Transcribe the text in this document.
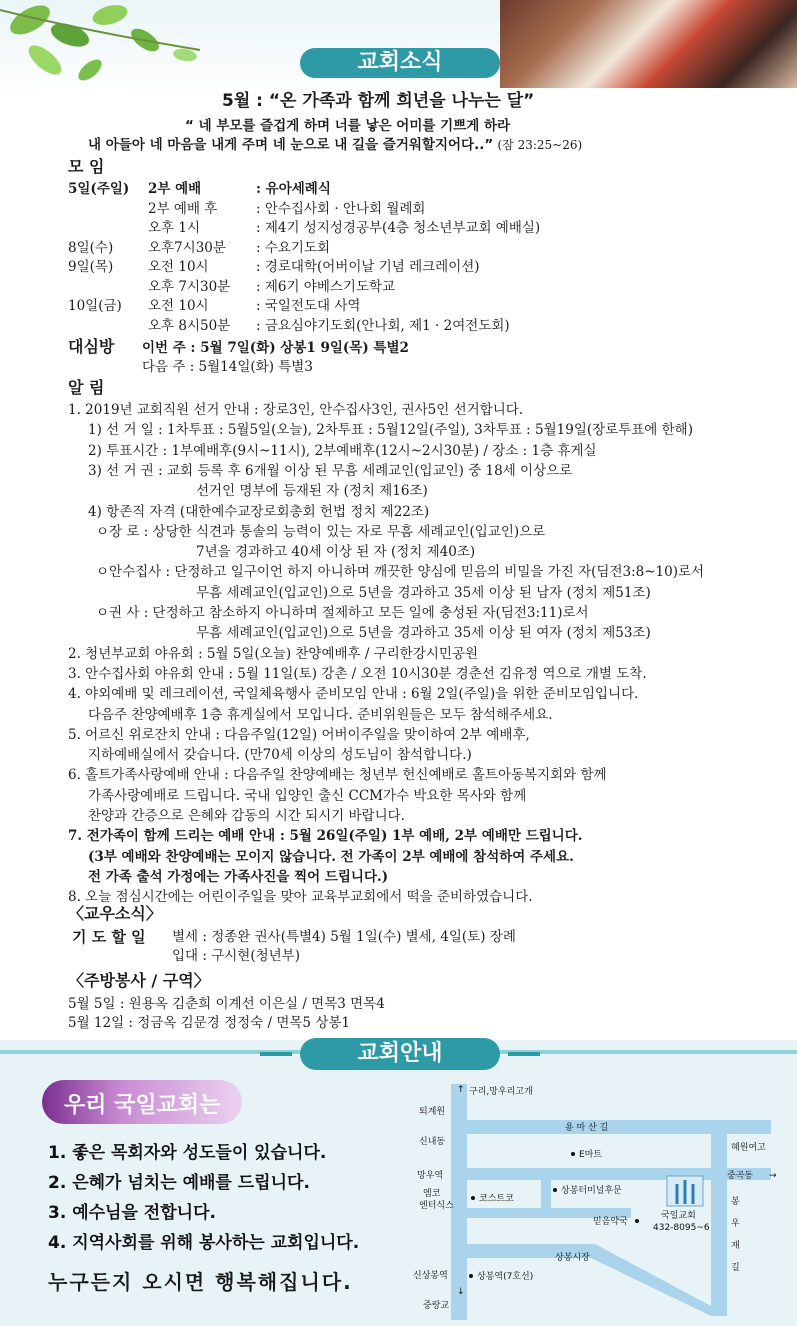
교회소식
5월 : “온 가족과 함께 희년을 나누는 달”
“ 네 부모를 즐겁게 하며 너를 낳은 어미를 기쁘게 하라
내 아들아 네 마음을 내게 주며 네 눈으로 내 길을 즐거워할지어다..” (잠 23:25~26)
모 임
5일(주일) 2부 예배	: 유아세례식
2부 예배 후	: 안수집사회 · 안나회 월례회
오후 1시	: 제4기 성지성경공부(4층 청소년부교회 예배실)
8일(수)	오후7시30분 : 수요기도회
9일(목)	오전 10시	: 경로대학(어버이날 기념 레크레이션)
오후 7시30분 : 제6기 야베스기도학교
10일(금) 오전 10시	: 국일전도대 사역
오후 8시50분 : 금요심야기도회(안나회, 제1 · 2여전도회)
대심방 이번 주 : 5월 7일(화) 상봉1 9일(목) 특별2
다음 주 : 5월14일(화) 특별3
알 림
1. 2019년 교회직원 선거 안내 : 장로3인, 안수집사3인, 권사5인 선거합니다.
1) 선 거 일 : 1차투표 : 5월5일(오늘), 2차투표 : 5월12일(주일), 3차투표 : 5월19일(장로투표에 한해)
2) 투표시간 : 1부예배후(9시~11시), 2부예배후(12시~2시30분) / 장소 : 1층 휴게실
3) 선 거 권 : 교회 등록 후 6개월 이상 된 무흠 세례교인(입교인) 중 18세 이상으로
선거인 명부에 등재된 자 (정치 제16조)
4) 항존직 자격 (대한예수교장로회총회 헌법 정치 제22조)
ㅇ장 로 : 상당한 식견과 통솔의 능력이 있는 자로 무흠 세례교인(입교인)으로
7년을 경과하고 40세 이상 된 자 (정치 제40조)
ㅇ안수집사 : 단정하고 일구이언 하지 아니하며 깨끗한 양심에 믿음의 비밀을 가진 자(딤전3:8~10)로서
무흠 세례교인(입교인)으로 5년을 경과하고 35세 이상 된 남자 (정치 제51조)
ㅇ권 사 : 단정하고 참소하지 아니하며 절제하고 모든 일에 충성된 자(딤전3:11)로서
무흠 세례교인(입교인)으로 5년을 경과하고 35세 이상 된 여자 (정치 제53조)
2. 청년부교회 야유회 : 5월 5일(오늘) 찬양예배후 / 구리한강시민공원
3. 안수집사회 야유회 안내 : 5월 11일(토) 강촌 / 오전 10시30분 경춘선 김유정 역으로 개별 도착.
4. 야외예배 및 레크레이션, 국일체육행사 준비모임 안내 : 6월 2일(주일)을 위한 준비모임입니다.
다음주 찬양예배후 1층 휴게실에서 모입니다. 준비위원들은 모두 참석해주세요.
5. 어르신 위로잔치 안내 : 다음주일(12일) 어버이주일을 맞이하여 2부 예배후,
지하예배실에서 갖습니다. (만70세 이상의 성도님이 참석합니다.)
6. 홀트가족사랑예배 안내 : 다음주일 찬양예배는 청년부 헌신예배로 홀트아동복지회와 함께
가족사랑예배로 드립니다. 국내 입양인 출신 CCM가수 박요한 목사와 함께
찬양과 간증으로 은혜와 감동의 시간 되시기 바랍니다.
7. 전가족이 함께 드리는 예배 안내 : 5월 26일(주일) 1부 예배, 2부 예배만 드립니다.
(3부 예배와 찬양예배는 모이지 않습니다. 전 가족이 2부 예배에 참석하여 주세요.
전 가족 출석 가정에는 가족사진을 찍어 드립니다.)
8. 오늘 점심시간에는 어린이주일을 맞아 교육부교회에서 떡을 준비하였습니다.
〈교우소식〉
기 도 할 일 별세 : 정종완 권사(특별4) 5월 1일(수) 별세, 4일(토) 장례
입대 : 구시현(청년부)
〈주방봉사 / 구역〉
5월 5일 : 원용옥 김춘희 이계선 이은실 / 면목3 면목4
5월 12일 : 정금옥 김문경 정정숙 / 면목5 상봉1
교회안내
우리 국일교회는
1. 좋은 목회자와 성도들이 있습니다.
2. 은혜가 넘치는 예배를 드립니다.
3. 예수님을 전합니다.
4. 지역사회를 위해 봉사하는 교회입니다.
누구든지 오시면 행복해집니다.
구리,망우리고개
↑
퇴계원
용 마 산 길
신내동
E마트
혜원여고
망우역	중곡동 →
엠코
엔터식스
코스트코
상봉터미널후문
국일교회
432-8095~6
봉
우
재
길
믿음약국
상봉시장
신상봉역	상봉역(7호선)
↓
중랑교
